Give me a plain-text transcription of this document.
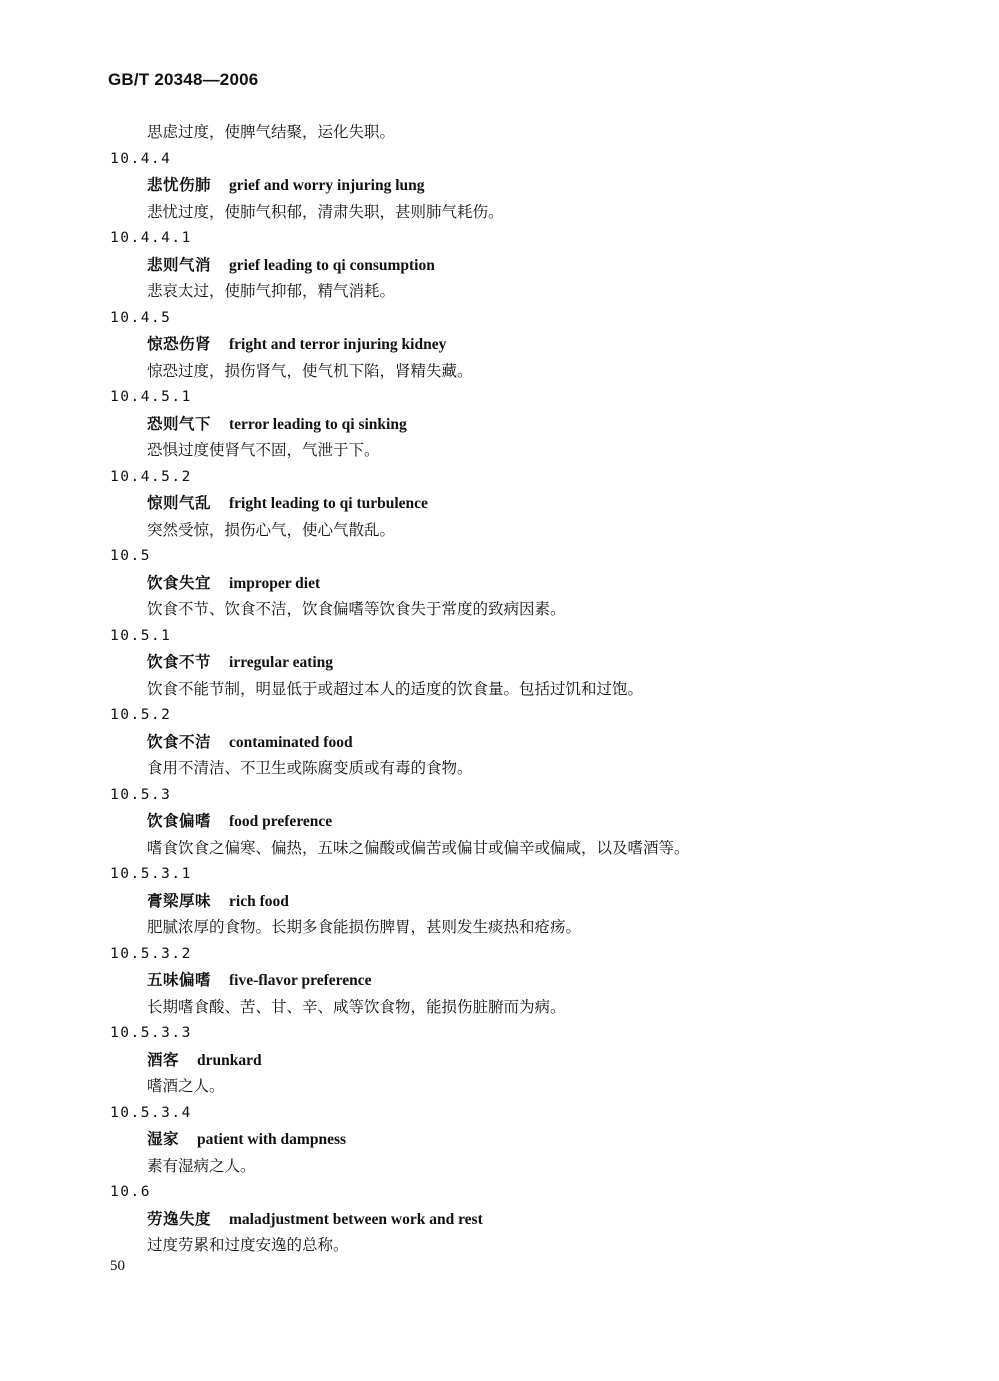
GB/T 20348—2006

思虑过度，使脾气结聚，运化失职。

10.4.4

悲忧伤肺 grief and worry injuring lung

悲忧过度，使肺气积郁，清肃失职，甚则肺气耗伤。

10.4.4.1

悲则气消 grief leading to qi consumption

悲哀太过，使肺气抑郁，精气消耗。

10.4.5

惊恐伤肾 fright and terror injuring kidney

惊恐过度，损伤肾气，使气机下陷，肾精失藏。

10.4.5.1

恐则气下 terror leading to qi sinking

恐惧过度使肾气不固，气泄于下。

10.4.5.2

惊则气乱 fright leading to qi turbulence

突然受惊，损伤心气，使心气散乱。

10.5

饮食失宜 improper diet

饮食不节、饮食不洁，饮食偏嗜等饮食失于常度的致病因素。

10.5.1

饮食不节 irregular eating

饮食不能节制，明显低于或超过本人的适度的饮食量。包括过饥和过饱。

10.5.2

饮食不洁 contaminated food

食用不清洁、不卫生或陈腐变质或有毒的食物。

10.5.3

饮食偏嗜 food preference

嗜食饮食之偏寒、偏热，五味之偏酸或偏苦或偏甘或偏辛或偏咸，以及嗜酒等。

10.5.3.1

膏梁厚味 rich food

肥腻浓厚的食物。长期多食能损伤脾胃，甚则发生痰热和疮疡。

10.5.3.2

五味偏嗜 five-flavor preference

长期嗜食酸、苦、甘、辛、咸等饮食物，能损伤脏腑而为病。

10.5.3.3

酒客 drunkard

嗜酒之人。

10.5.3.4

湿家 patient with dampness

素有湿病之人。

10.6

劳逸失度 maladjustment between work and rest

过度劳累和过度安逸的总称。

50
